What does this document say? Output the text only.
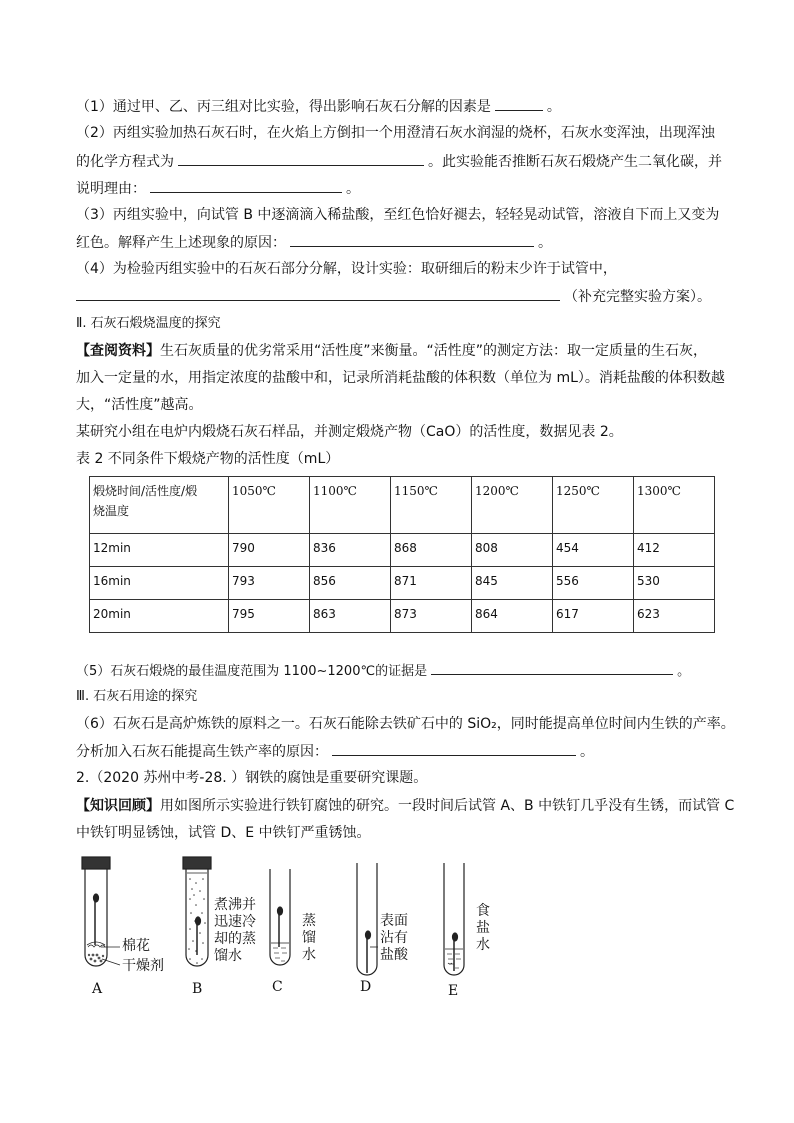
（1）通过甲、乙、丙三组对比实验，得出影响石灰石分解的因素是	。
（2）丙组实验加热石灰石时，在火焰上方倒扣一个用澄清石灰水润湿的烧杯，石灰水变浑浊，出现浑浊
的化学方程式为	。此实验能否推断石灰石煅烧产生二氧化碳，并
说明理由：	。
（3）丙组实验中，向试管 B 中逐滴滴入稀盐酸，至红色恰好褪去，轻轻晃动试管，溶液自下而上又变为
红色。解释产生上述现象的原因：	。
（4）为检验丙组实验中的石灰石部分分解，设计实验：取研细后的粉末少许于试管中，
（补充完整实验方案）。
Ⅱ. 石灰石煅烧温度的探究
【查阅资料】生石灰质量的优劣常采用“活性度”来衡量。“活性度”的测定方法：取一定质量的生石灰，
加入一定量的水，用指定浓度的盐酸中和，记录所消耗盐酸的体积数（单位为 mL）。消耗盐酸的体积数越
大，“活性度”越高。
某研究小组在电炉内煅烧石灰石样品，并测定煅烧产物（CaO）的活性度，数据见表 2。
表 2 不同条件下煅烧产物的活性度（mL）
煅烧时间/活性度/煅
烧温度	1050℃	1100℃	1150℃	1200℃	1250℃	1300℃
12min	790	836	868	808	454	412
16min	793	856	871	845	556	530
20min	795	863	873	864	617	623
（5）石灰石煅烧的最佳温度范围为 1100~1200℃的证据是	。
Ⅲ. 石灰石用途的探究
（6）石灰石是高炉炼铁的原料之一。石灰石能除去铁矿石中的 SiO₂，同时能提高单位时间内生铁的产率。
分析加入石灰石能提高生铁产率的原因：	。
2.（2020 苏州中考-28. ）钢铁的腐蚀是重要研究课题。
【知识回顾】用如图所示实验进行铁钉腐蚀的研究。一段时间后试管 A、B 中铁钉几乎没有生锈，而试管 C
中铁钉明显锈蚀，试管 D、E 中铁钉严重锈蚀。
棉花
干燥剂
煮沸并
迅速冷
却的蒸
馏水
蒸
馏
水
表面
沾有
盐酸
食
盐
水
A	B	C	D	E
